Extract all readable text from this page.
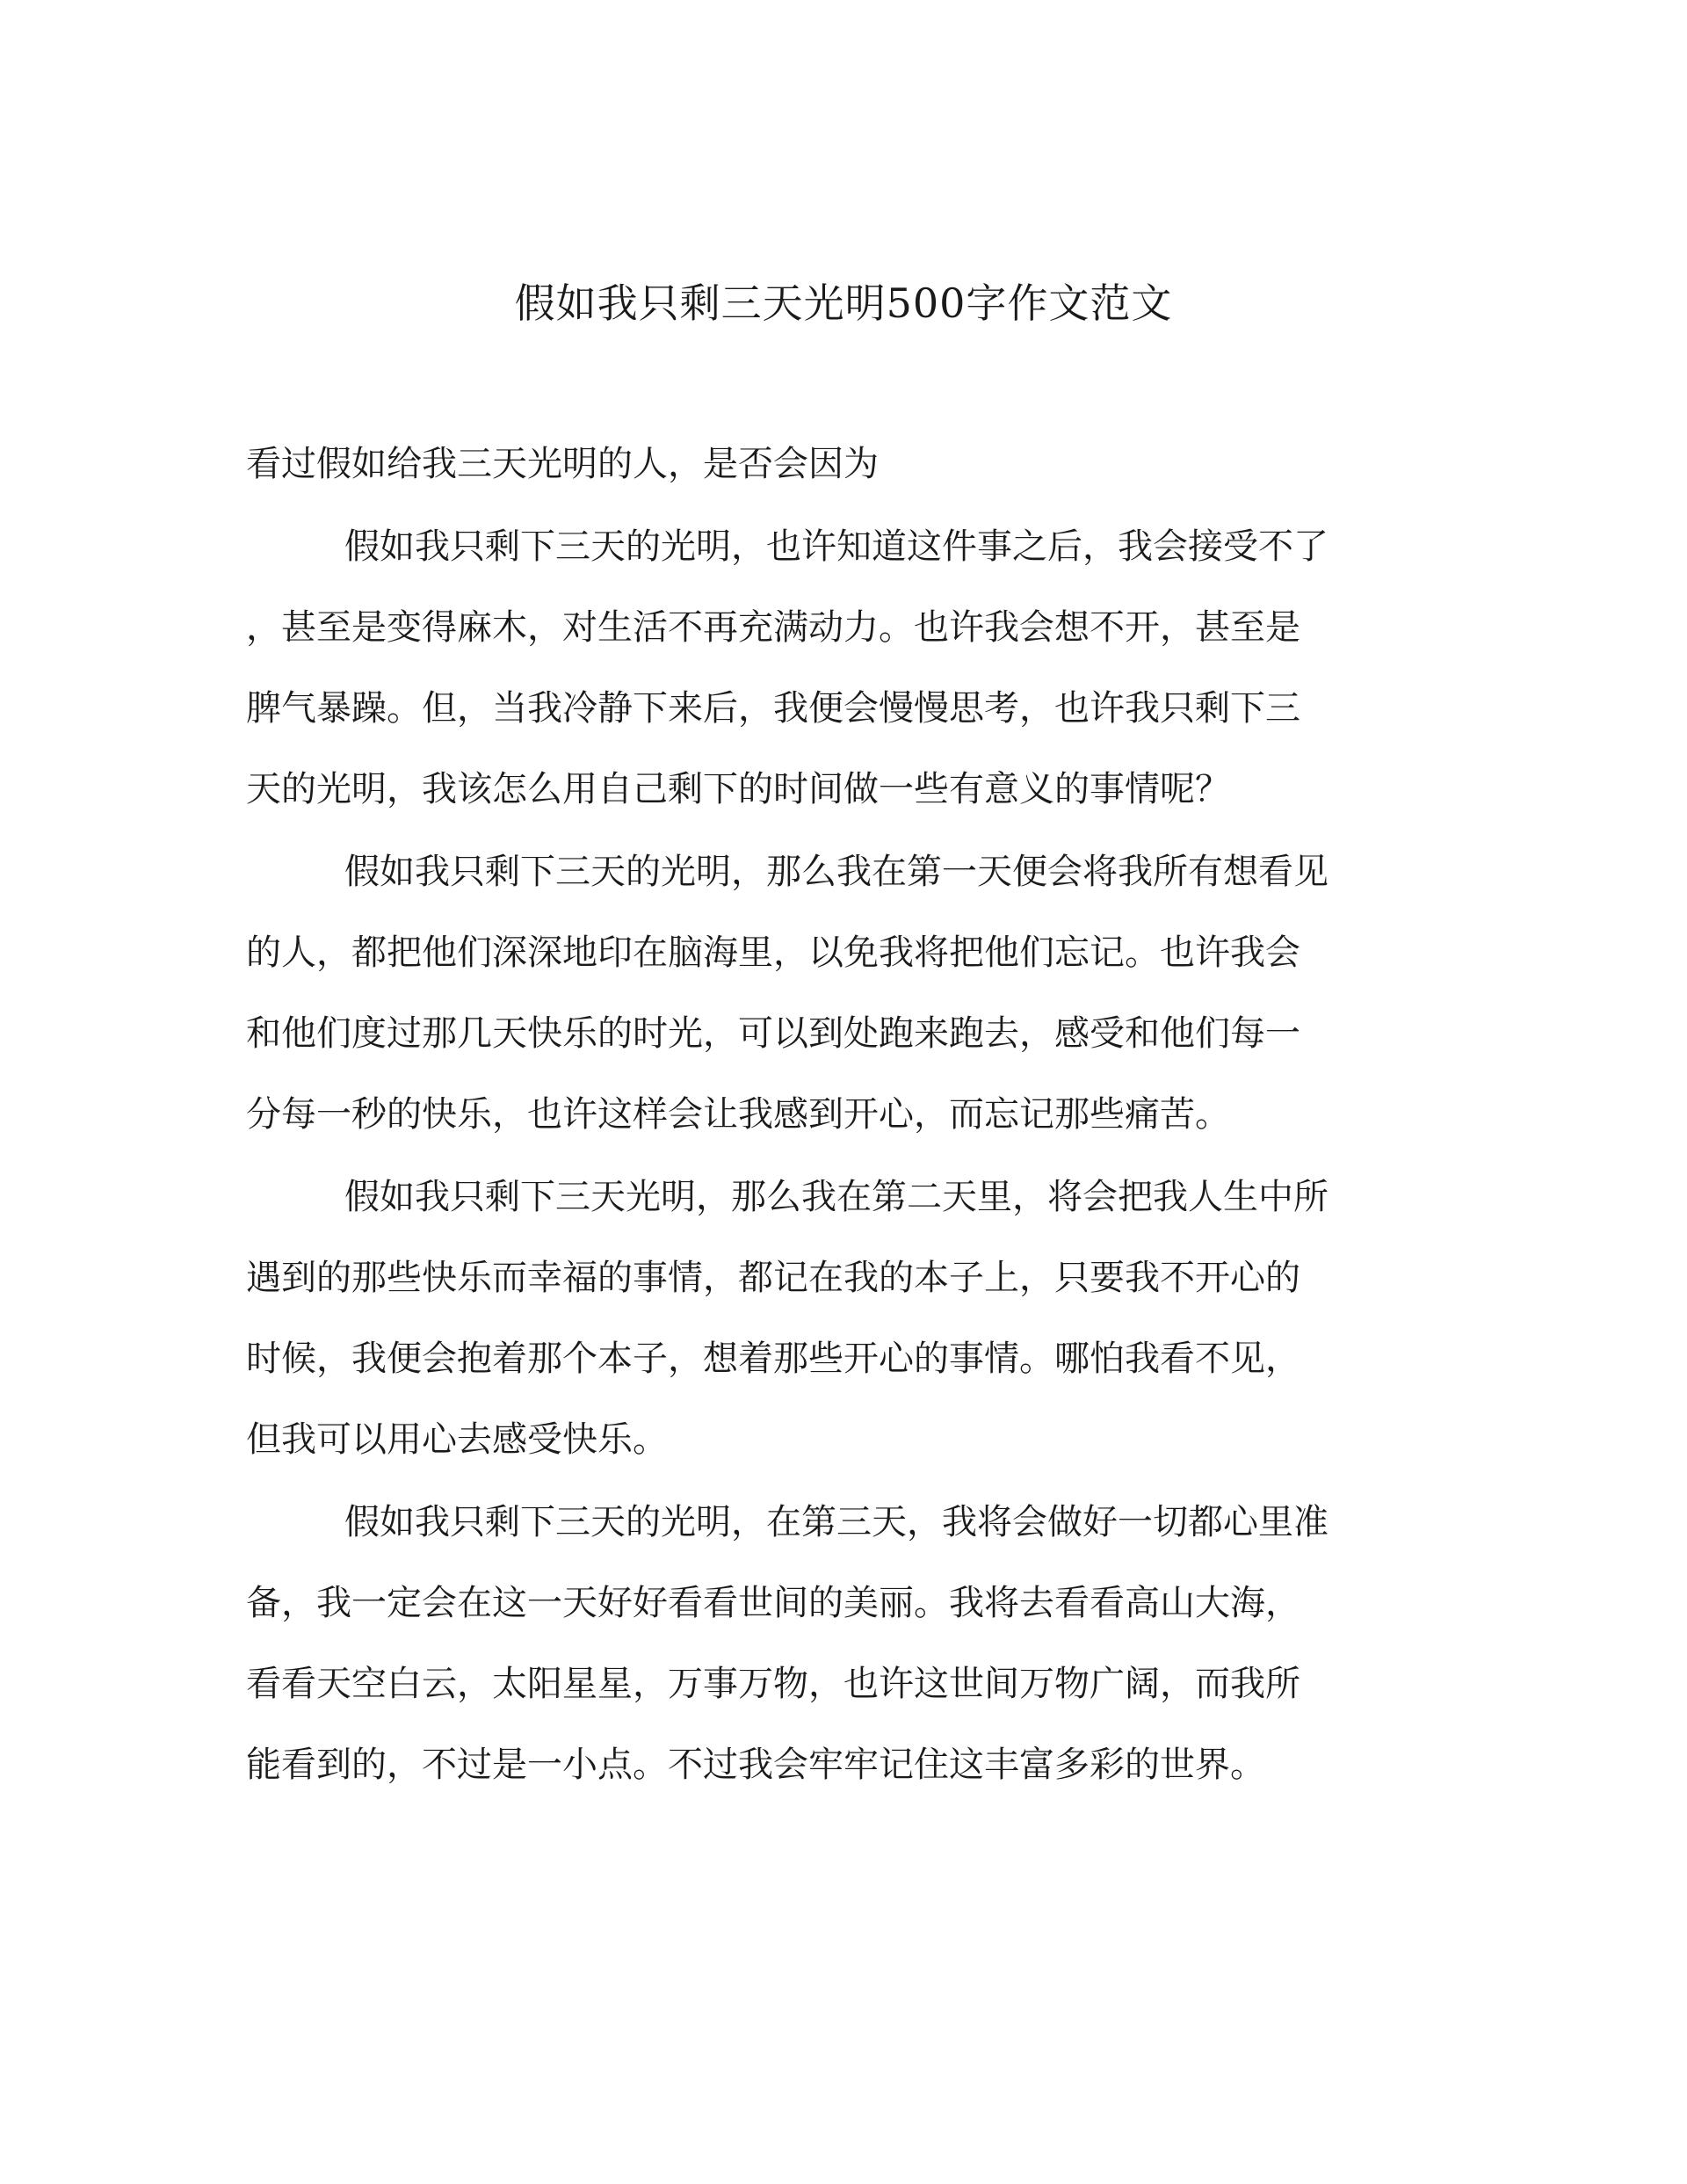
假如我只剩三天光明500字作文范文

看过假如给我三天光明的人，是否会因为

假如我只剩下三天的光明，也许知道这件事之后，我会接受不了
，甚至是变得麻木，对生活不再充满动力。也许我会想不开，甚至是
脾气暴躁。但，当我冷静下来后，我便会慢慢思考，也许我只剩下三
天的光明，我该怎么用自己剩下的时间做一些有意义的事情呢？
假如我只剩下三天的光明，那么我在第一天便会将我所有想看见
的人，都把他们深深地印在脑海里，以免我将把他们忘记。也许我会
和他们度过那几天快乐的时光，可以到处跑来跑去，感受和他们每一
分每一秒的快乐，也许这样会让我感到开心，而忘记那些痛苦。
假如我只剩下三天光明，那么我在第二天里，将会把我人生中所
遇到的那些快乐而幸福的事情，都记在我的本子上，只要我不开心的
时候，我便会抱着那个本子，想着那些开心的事情。哪怕我看不见，
但我可以用心去感受快乐。
假如我只剩下三天的光明，在第三天，我将会做好一切都心里准
备，我一定会在这一天好好看看世间的美丽。我将去看看高山大海，
看看天空白云，太阳星星，万事万物，也许这世间万物广阔，而我所
能看到的，不过是一小点。不过我会牢牢记住这丰富多彩的世界。
